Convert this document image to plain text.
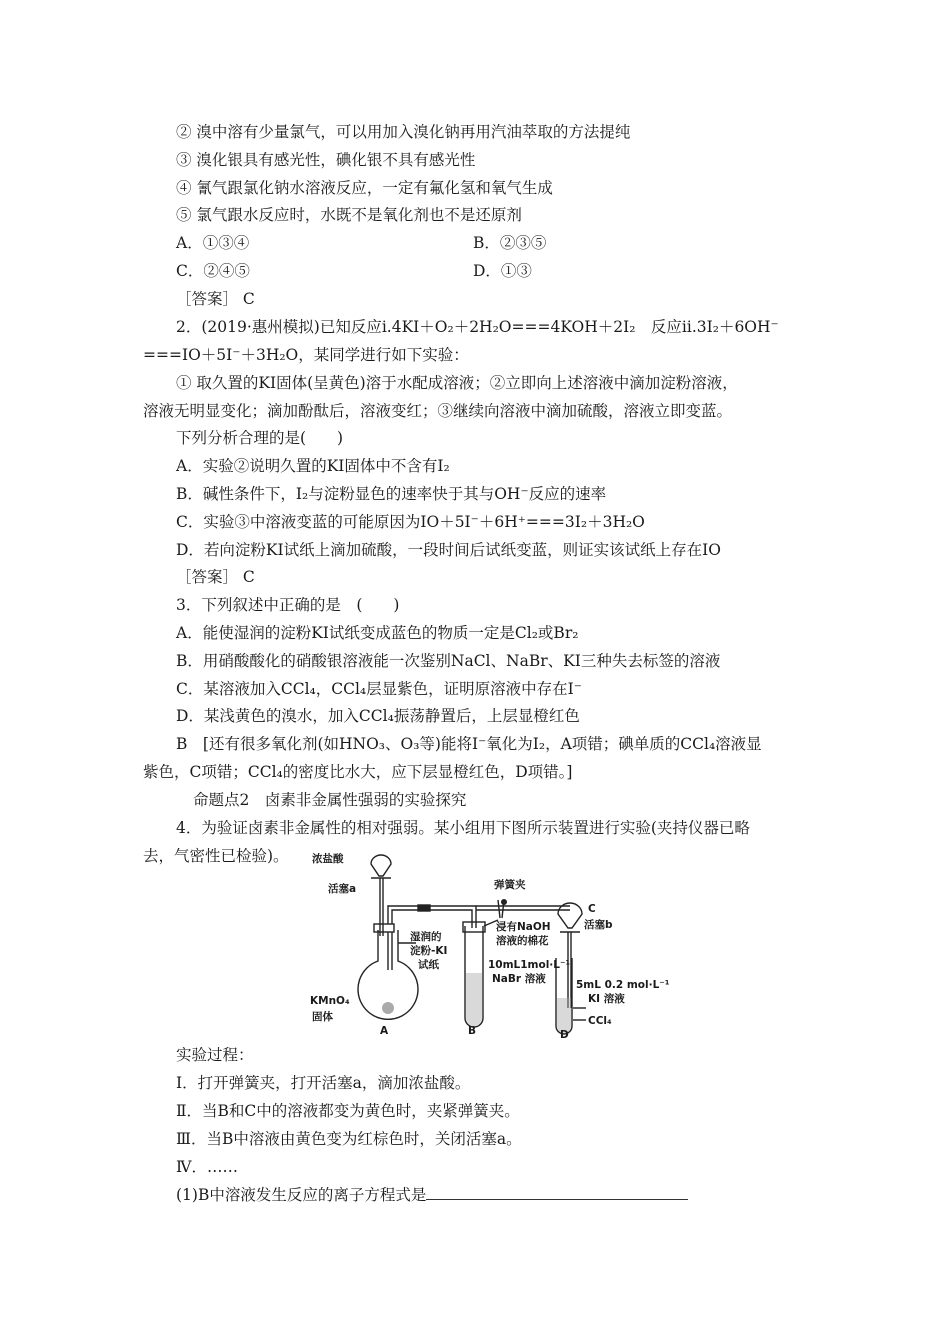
② 溴中溶有少量氯气，可以用加入溴化钠再用汽油萃取的方法提纯
③ 溴化银具有感光性，碘化银不具有感光性
④ 氰气跟氯化钠水溶液反应，一定有氟化氢和氧气生成
⑤ 氯气跟水反应时，水既不是氧化剂也不是还原剂
A．①③④	B．②③⑤
C．②④⑤	D．①③
［答案］ C
2．(2019·惠州模拟)已知反应ⅰ.4KI＋O₂＋2H₂O===4KOH＋2I₂　反应ⅱ.3I₂＋6OH⁻
===IO＋5I⁻＋3H₂O，某同学进行如下实验：
① 取久置的KI固体(呈黄色)溶于水配成溶液；②立即向上述溶液中滴加淀粉溶液，
溶液无明显变化；滴加酚酞后，溶液变红；③继续向溶液中滴加硫酸，溶液立即变蓝。
下列分析合理的是(　　)
A．实验②说明久置的KI固体中不含有I₂
B．碱性条件下，I₂与淀粉显色的速率快于其与OH⁻反应的速率
C．实验③中溶液变蓝的可能原因为IO＋5I⁻＋6H⁺===3I₂＋3H₂O
D．若向淀粉KI试纸上滴加硫酸，一段时间后试纸变蓝，则证实该试纸上存在IO
［答案］ C
3．下列叙述中正确的是　(　　)
A．能使湿润的淀粉KI试纸变成蓝色的物质一定是Cl₂或Br₂
B．用硝酸酸化的硝酸银溶液能一次鉴别NaCl、NaBr、KI三种失去标签的溶液
C．某溶液加入CCl₄，CCl₄层显紫色，证明原溶液中存在I⁻
D．某浅黄色的溴水，加入CCl₄振荡静置后，上层显橙红色
B　[还有很多氧化剂(如HNO₃、O₃等)能将I⁻氧化为I₂，A项错；碘单质的CCl₄溶液显
紫色，C项错；CCl₄的密度比水大，应下层显橙红色，D项错。]
命题点2　卤素非金属性强弱的实验探究
4．为验证卤素非金属性的相对强弱。某小组用下图所示装置进行实验(夹持仪器已略
去，气密性已检验)。 浓盐酸
活塞a
湿润的
淀粉-KI
试纸
KMnO₄
固体
A
弹簧夹
浸有NaOH
溶液的棉花
10mL1mol·L⁻¹
NaBr 溶液
B
C
活塞b
5mL 0.2 mol·L⁻¹
KI 溶液
CCl₄
D
实验过程：
Ⅰ．打开弹簧夹，打开活塞a，滴加浓盐酸。
Ⅱ．当B和C中的溶液都变为黄色时，夹紧弹簧夹。
Ⅲ．当B中溶液由黄色变为红棕色时，关闭活塞a。
Ⅳ．……
(1)B中溶液发生反应的离子方程式是
